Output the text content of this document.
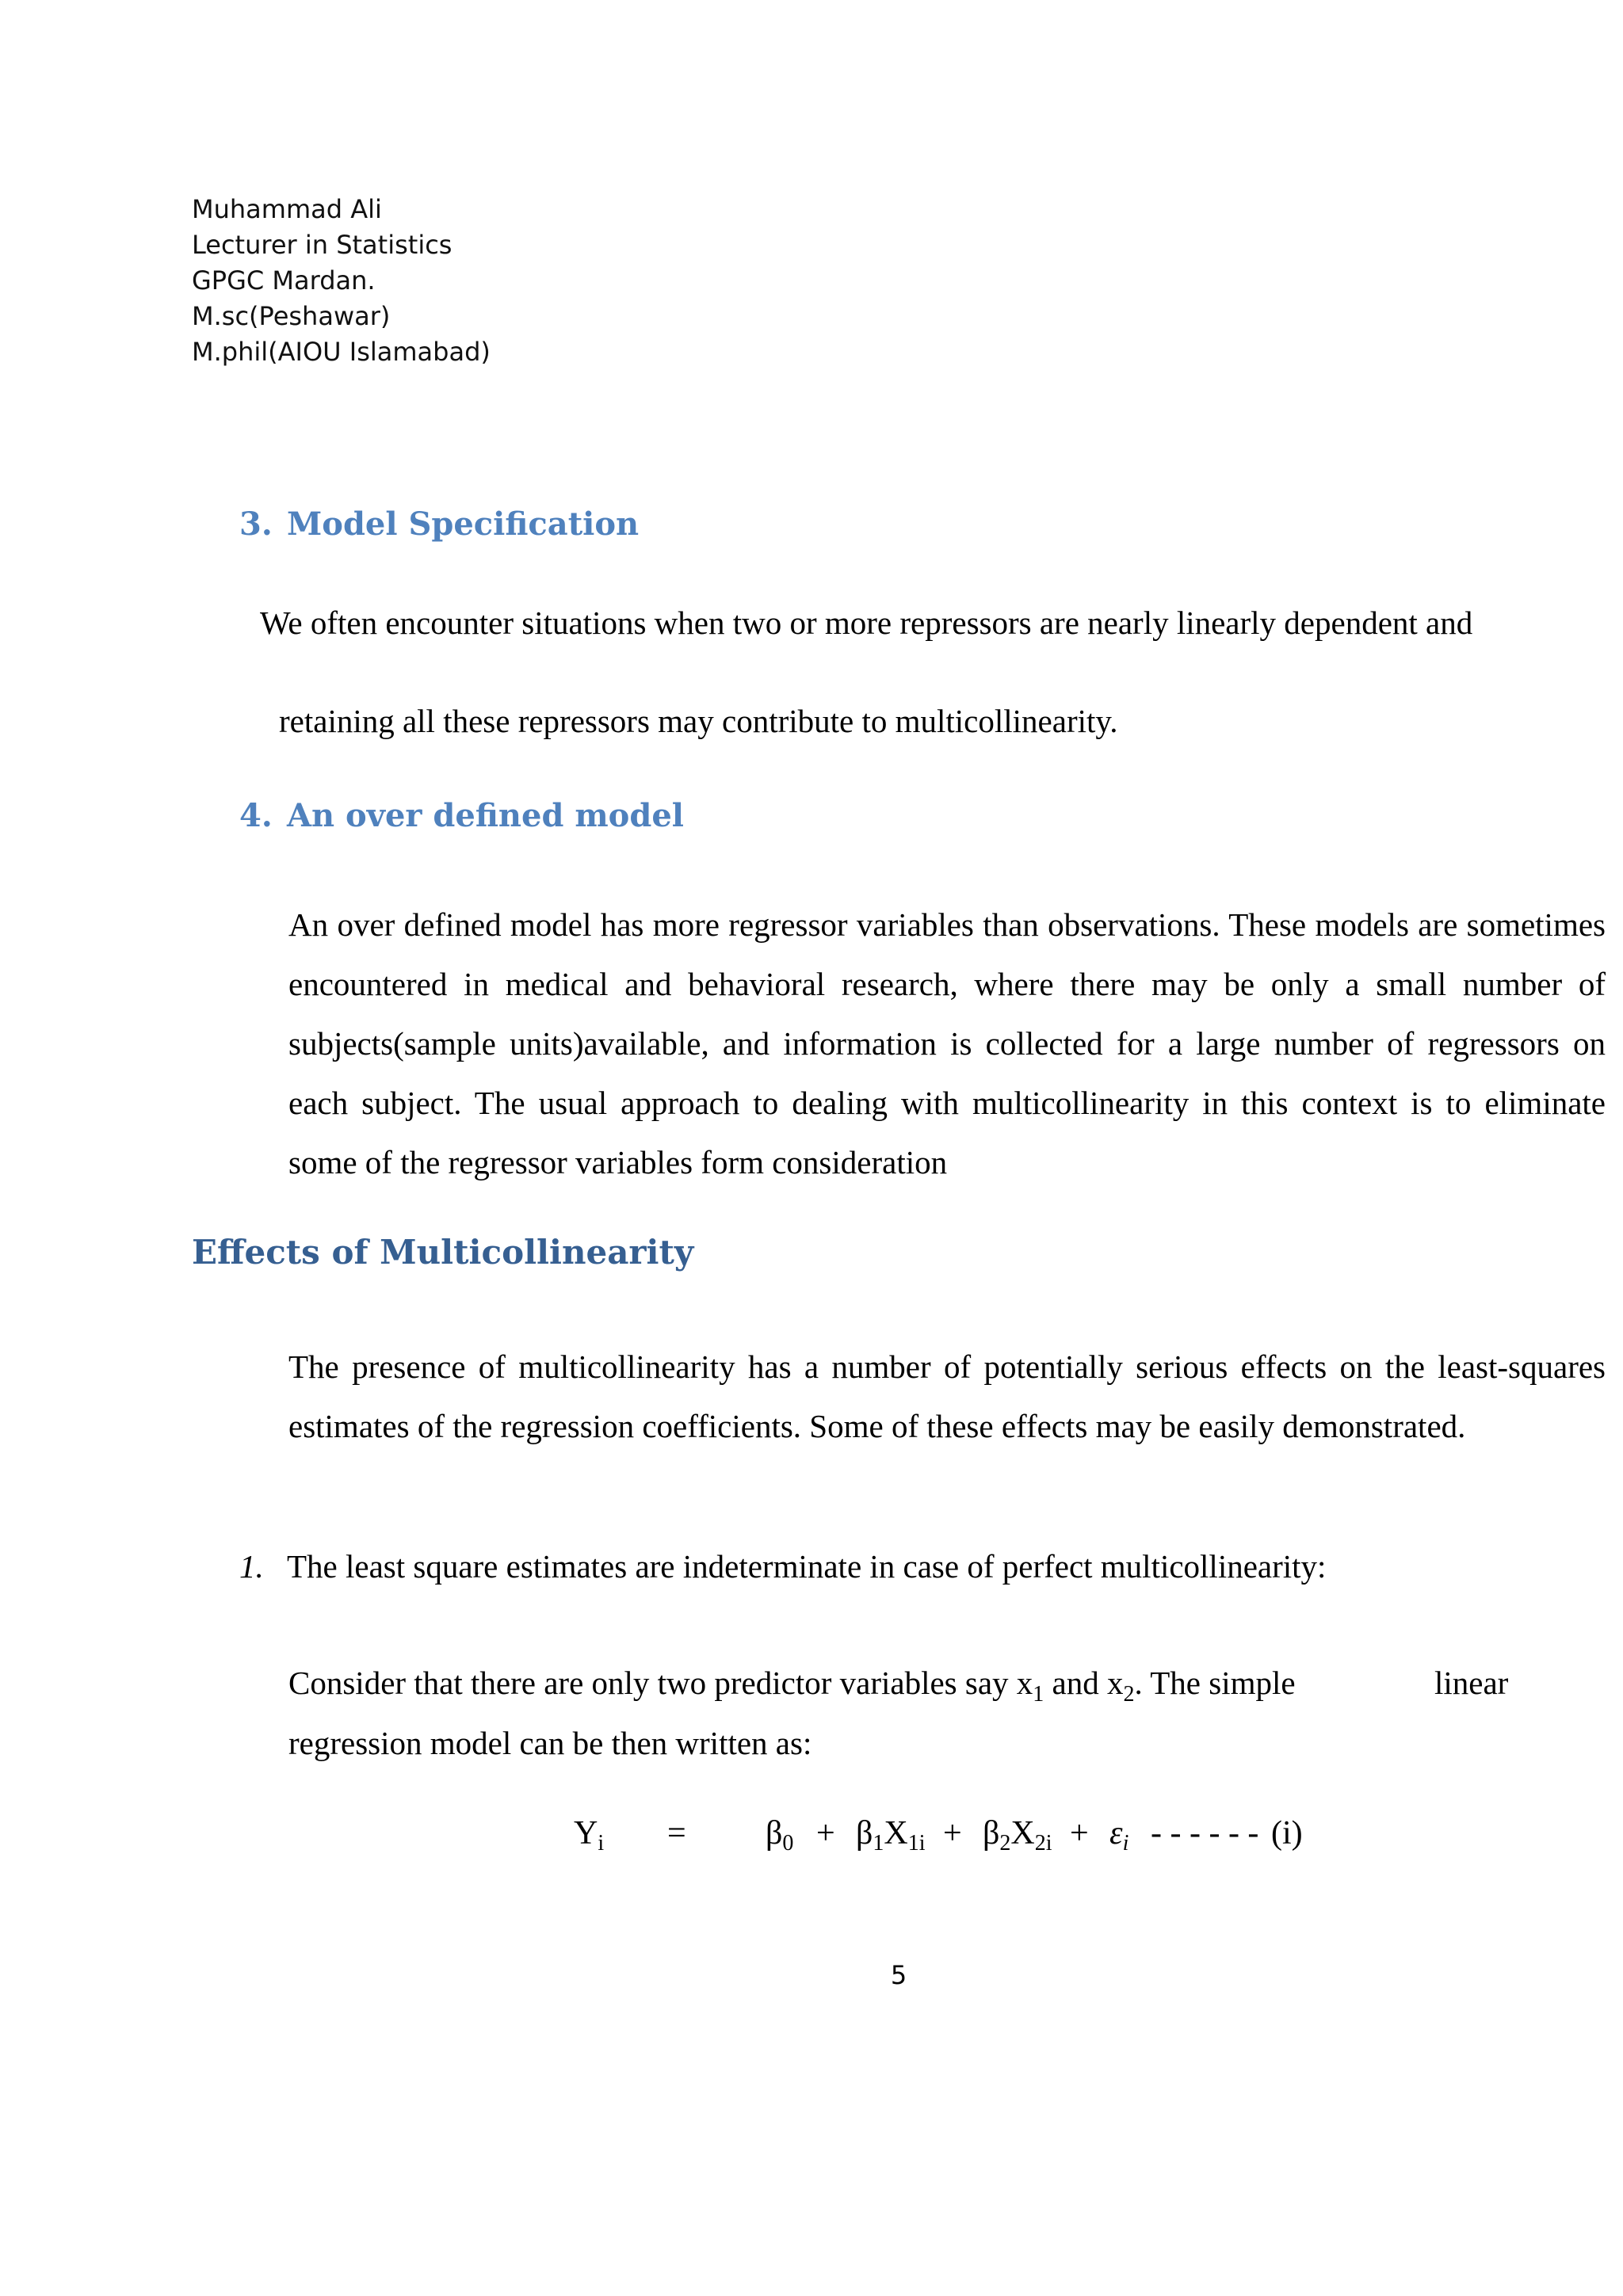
Muhammad Ali
Lecturer in Statistics
GPGC Mardan.
M.sc(Peshawar)
M.phil(AIOU Islamabad)
3. Model Specification
We often encounter situations when two or more repressors are nearly linearly dependent and
retaining all these repressors may contribute to multicollinearity.
4. An over defined model
An over defined model has more regressor variables than observations. These models are sometimes encountered in medical and behavioral research, where there may be only a small number of subjects(sample units)available, and information is collected for a large number of regressors on each subject. The usual approach to dealing with multicollinearity in this context is to eliminate some of the regressor variables form consideration
Effects of Multicollinearity
The presence of multicollinearity has a number of potentially serious effects on the least-squares estimates of the regression coefficients. Some of these effects may be easily demonstrated.
1. The least square estimates are indeterminate in case of perfect multicollinearity:
Consider that there are only two predictor variables say $x_1$ and $x_2$. The simple	linear
regression model can be then written as:
$Y_i = \beta_0 + \beta_1X_{1i} + \beta_2X_{2i} + \varepsilon_i$ - - - - - - (i)
5
